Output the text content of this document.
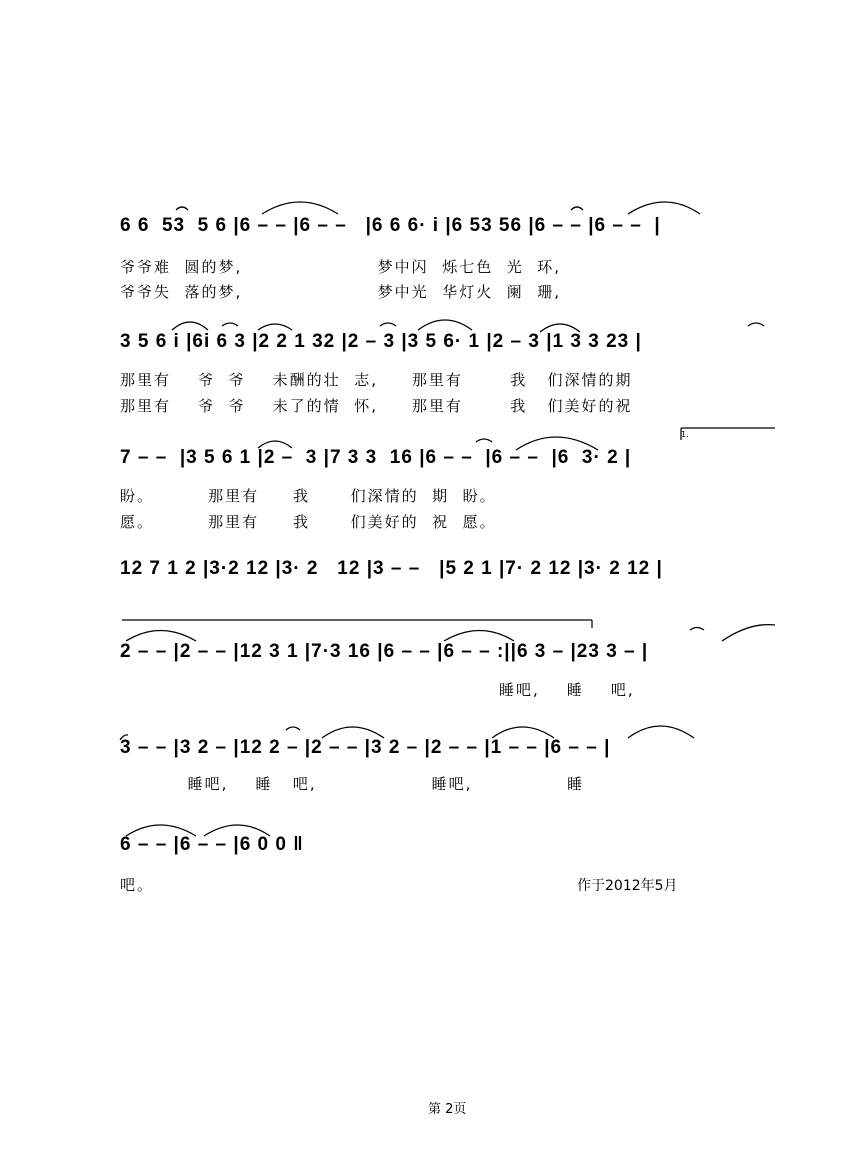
6 6  53  5 6 |6 – – |6 – –   |6 6 6· i |6 53 56 |6 – – |6 – –  |
爷爷难  圆的梦,                    梦中闪  烁七色  光  环,
爷爷失  落的梦,                    梦中光  华灯火  阑  珊,
3 5 6 i |6i 6 3 |2 2 1 32 |2 – 3 |3 5 6· 1 |2 – 3 |1 3 3 23 |
那里有    爷  爷    未酬的壮  志,     那里有       我   们深情的期
那里有    爷  爷    未了的情  怀,     那里有       我   们美好的祝
7 – –  |3 5 6 1 |2 –  3 |7 3 3  16 |6 – –  |6 – –  |6  3· 2 |
盼。        那里有     我      们深情的  期  盼。
愿。        那里有     我      们美好的  祝  愿。
1.
12 7 1 2 |3·2 12 |3· 2   12 |3 – –   |5 2 1 |7· 2 12 |3· 2 12 |
2 – – |2 – – |12 3 1 |7·3 16 |6 – – |6 – – :||6 3 – |23 3 – |
睡吧,    睡    吧,
3 – – |3 2 – |12 2 – |2 – – |3 2 – |2 – – |1 – – |6 – – |
睡吧,    睡   吧,                 睡吧,              睡
6 – – |6 – – |6 0 0 ‖
吧。	作于2012年5月
第 2页
